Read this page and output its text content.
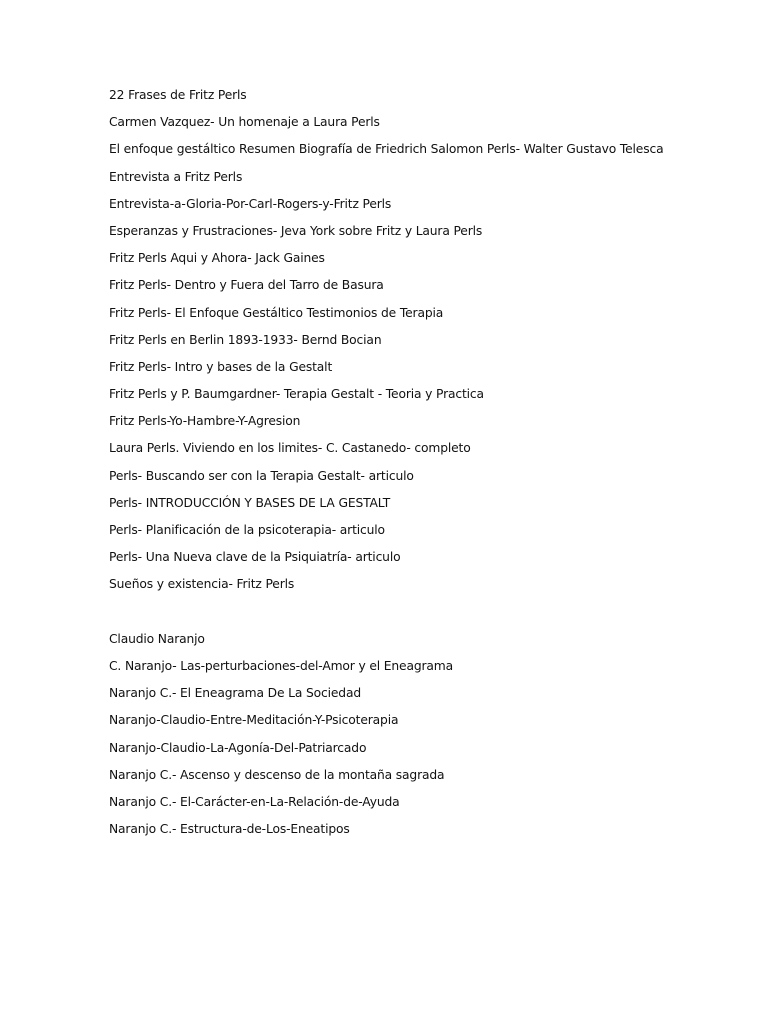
22 Frases de Fritz Perls
Carmen Vazquez- Un homenaje a Laura Perls
El enfoque gestáltico Resumen Biografía de Friedrich Salomon Perls- Walter Gustavo Telesca
Entrevista a Fritz Perls
Entrevista-a-Gloria-Por-Carl-Rogers-y-Fritz Perls
Esperanzas y Frustraciones- Jeva York sobre Fritz y Laura Perls
Fritz Perls Aqui y Ahora- Jack Gaines
Fritz Perls- Dentro y Fuera del Tarro de Basura
Fritz Perls- El Enfoque Gestáltico Testimonios de Terapia
Fritz Perls en Berlin 1893-1933- Bernd Bocian
Fritz Perls- Intro y bases de la Gestalt
Fritz Perls y P. Baumgardner- Terapia Gestalt - Teoria y Practica
Fritz Perls-Yo-Hambre-Y-Agresion
Laura Perls. Viviendo en los limites- C. Castanedo- completo
Perls- Buscando ser con la Terapia Gestalt- articulo
Perls- INTRODUCCIÓN Y BASES DE LA GESTALT
Perls- Planificación de la psicoterapia- articulo
Perls- Una Nueva clave de la Psiquiatría- articulo
Sueños y existencia- Fritz Perls
Claudio Naranjo
C. Naranjo- Las-perturbaciones-del-Amor y el Eneagrama
Naranjo C.- El Eneagrama De La Sociedad
Naranjo-Claudio-Entre-Meditación-Y-Psicoterapia
Naranjo-Claudio-La-Agonía-Del-Patriarcado
Naranjo C.- Ascenso y descenso de la montaña sagrada
Naranjo C.- El-Carácter-en-La-Relación-de-Ayuda
Naranjo C.- Estructura-de-Los-Eneatipos
